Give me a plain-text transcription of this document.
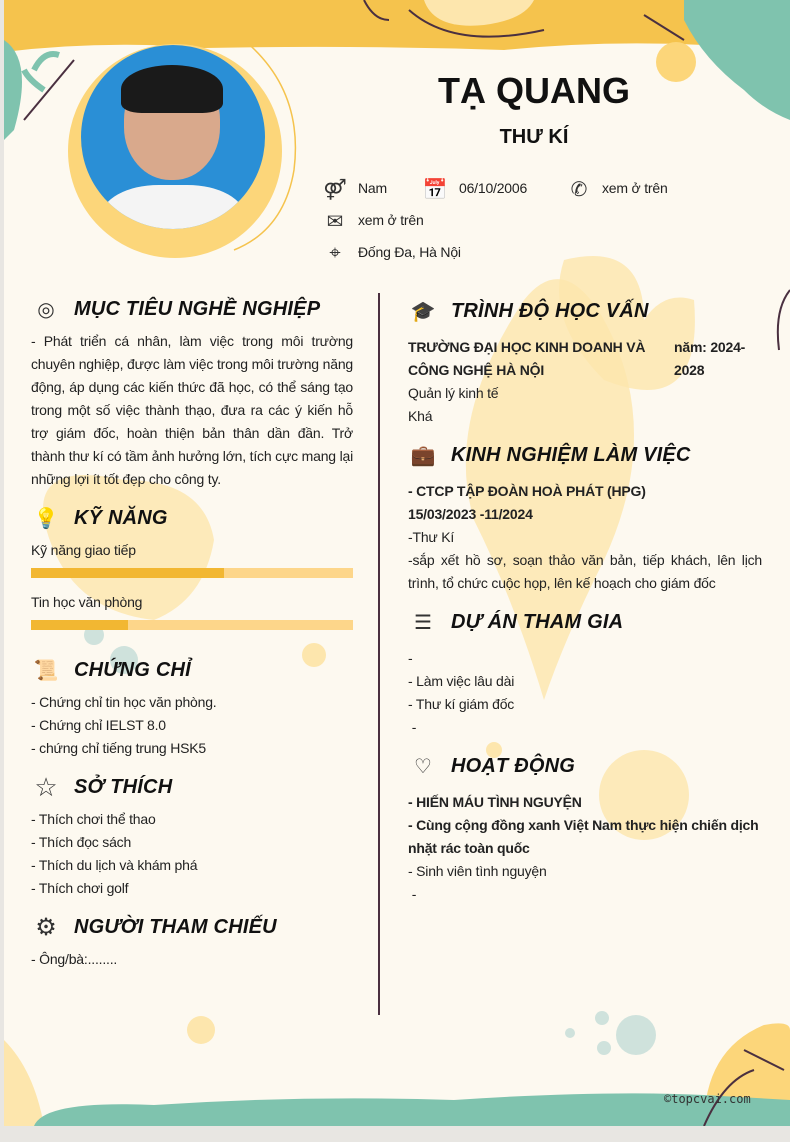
TẠ QUANG
THƯ KÍ
⚤ Nam 📅 06/10/2006	✆	xem ở trên
✉	xem ở trên
⌖	Đống Đa, Hà Nội
◎ MỤC TIÊU NGHỀ NGHIỆP
- Phát triển cá nhân, làm việc trong môi trường chuyên nghiệp, được làm việc trong môi trường năng động, áp dụng các kiến thức đã học, có thể sáng tạo trong một số việc thành thạo, đưa ra các ý kiến hỗ trợ giám đốc, hoàn thiện bản thân dần đần. Trở thành thư kí có tầm ảnh hưởng lớn, tích cực mang lại những lợi ít tốt đẹp cho công ty.
💡 KỸ NĂNG
Kỹ năng giao tiếp
Tin học văn phòng
📜 CHỨNG CHỈ
- Chứng chỉ tin học văn phòng.
- Chứng chỉ IELST 8.0
- chứng chỉ tiếng trung HSK5
☆ SỞ THÍCH
- Thích chơi thể thao
- Thích đọc sách
- Thích du lịch và khám phá
- Thích chơi golf
⚙ NGƯỜI THAM CHIẾU
- Ông/bà:........
🎓 TRÌNH ĐỘ HỌC VẤN
TRƯỜNG ĐẠI HỌC KINH DOANH VÀ CÔNG NGHỆ HÀ NỘI
năm: 2024-2028
Quản lý kinh tế
Khá
💼 KINH NGHIỆM LÀM VIỆC
- CTCP TẬP ĐOÀN HOÀ PHÁT (HPG)
15/03/2023 -11/2024
-Thư Kí
-sắp xết hồ sơ, soạn thảo văn bản, tiếp khách, lên lịch trình, tổ chức cuộc họp, lên kế hoạch cho giám đốc
☰ DỰ ÁN THAM GIA
-
- Làm việc lâu dài
- Thư kí giám đốc
-
♡ HOẠT ĐỘNG
- HIẾN MÁU TÌNH NGUYỆN
- Cùng cộng đồng xanh Việt Nam thực hiện chiến dịch nhặt rác toàn quốc
- Sinh viên tình nguyện
-
©topcvai.com
